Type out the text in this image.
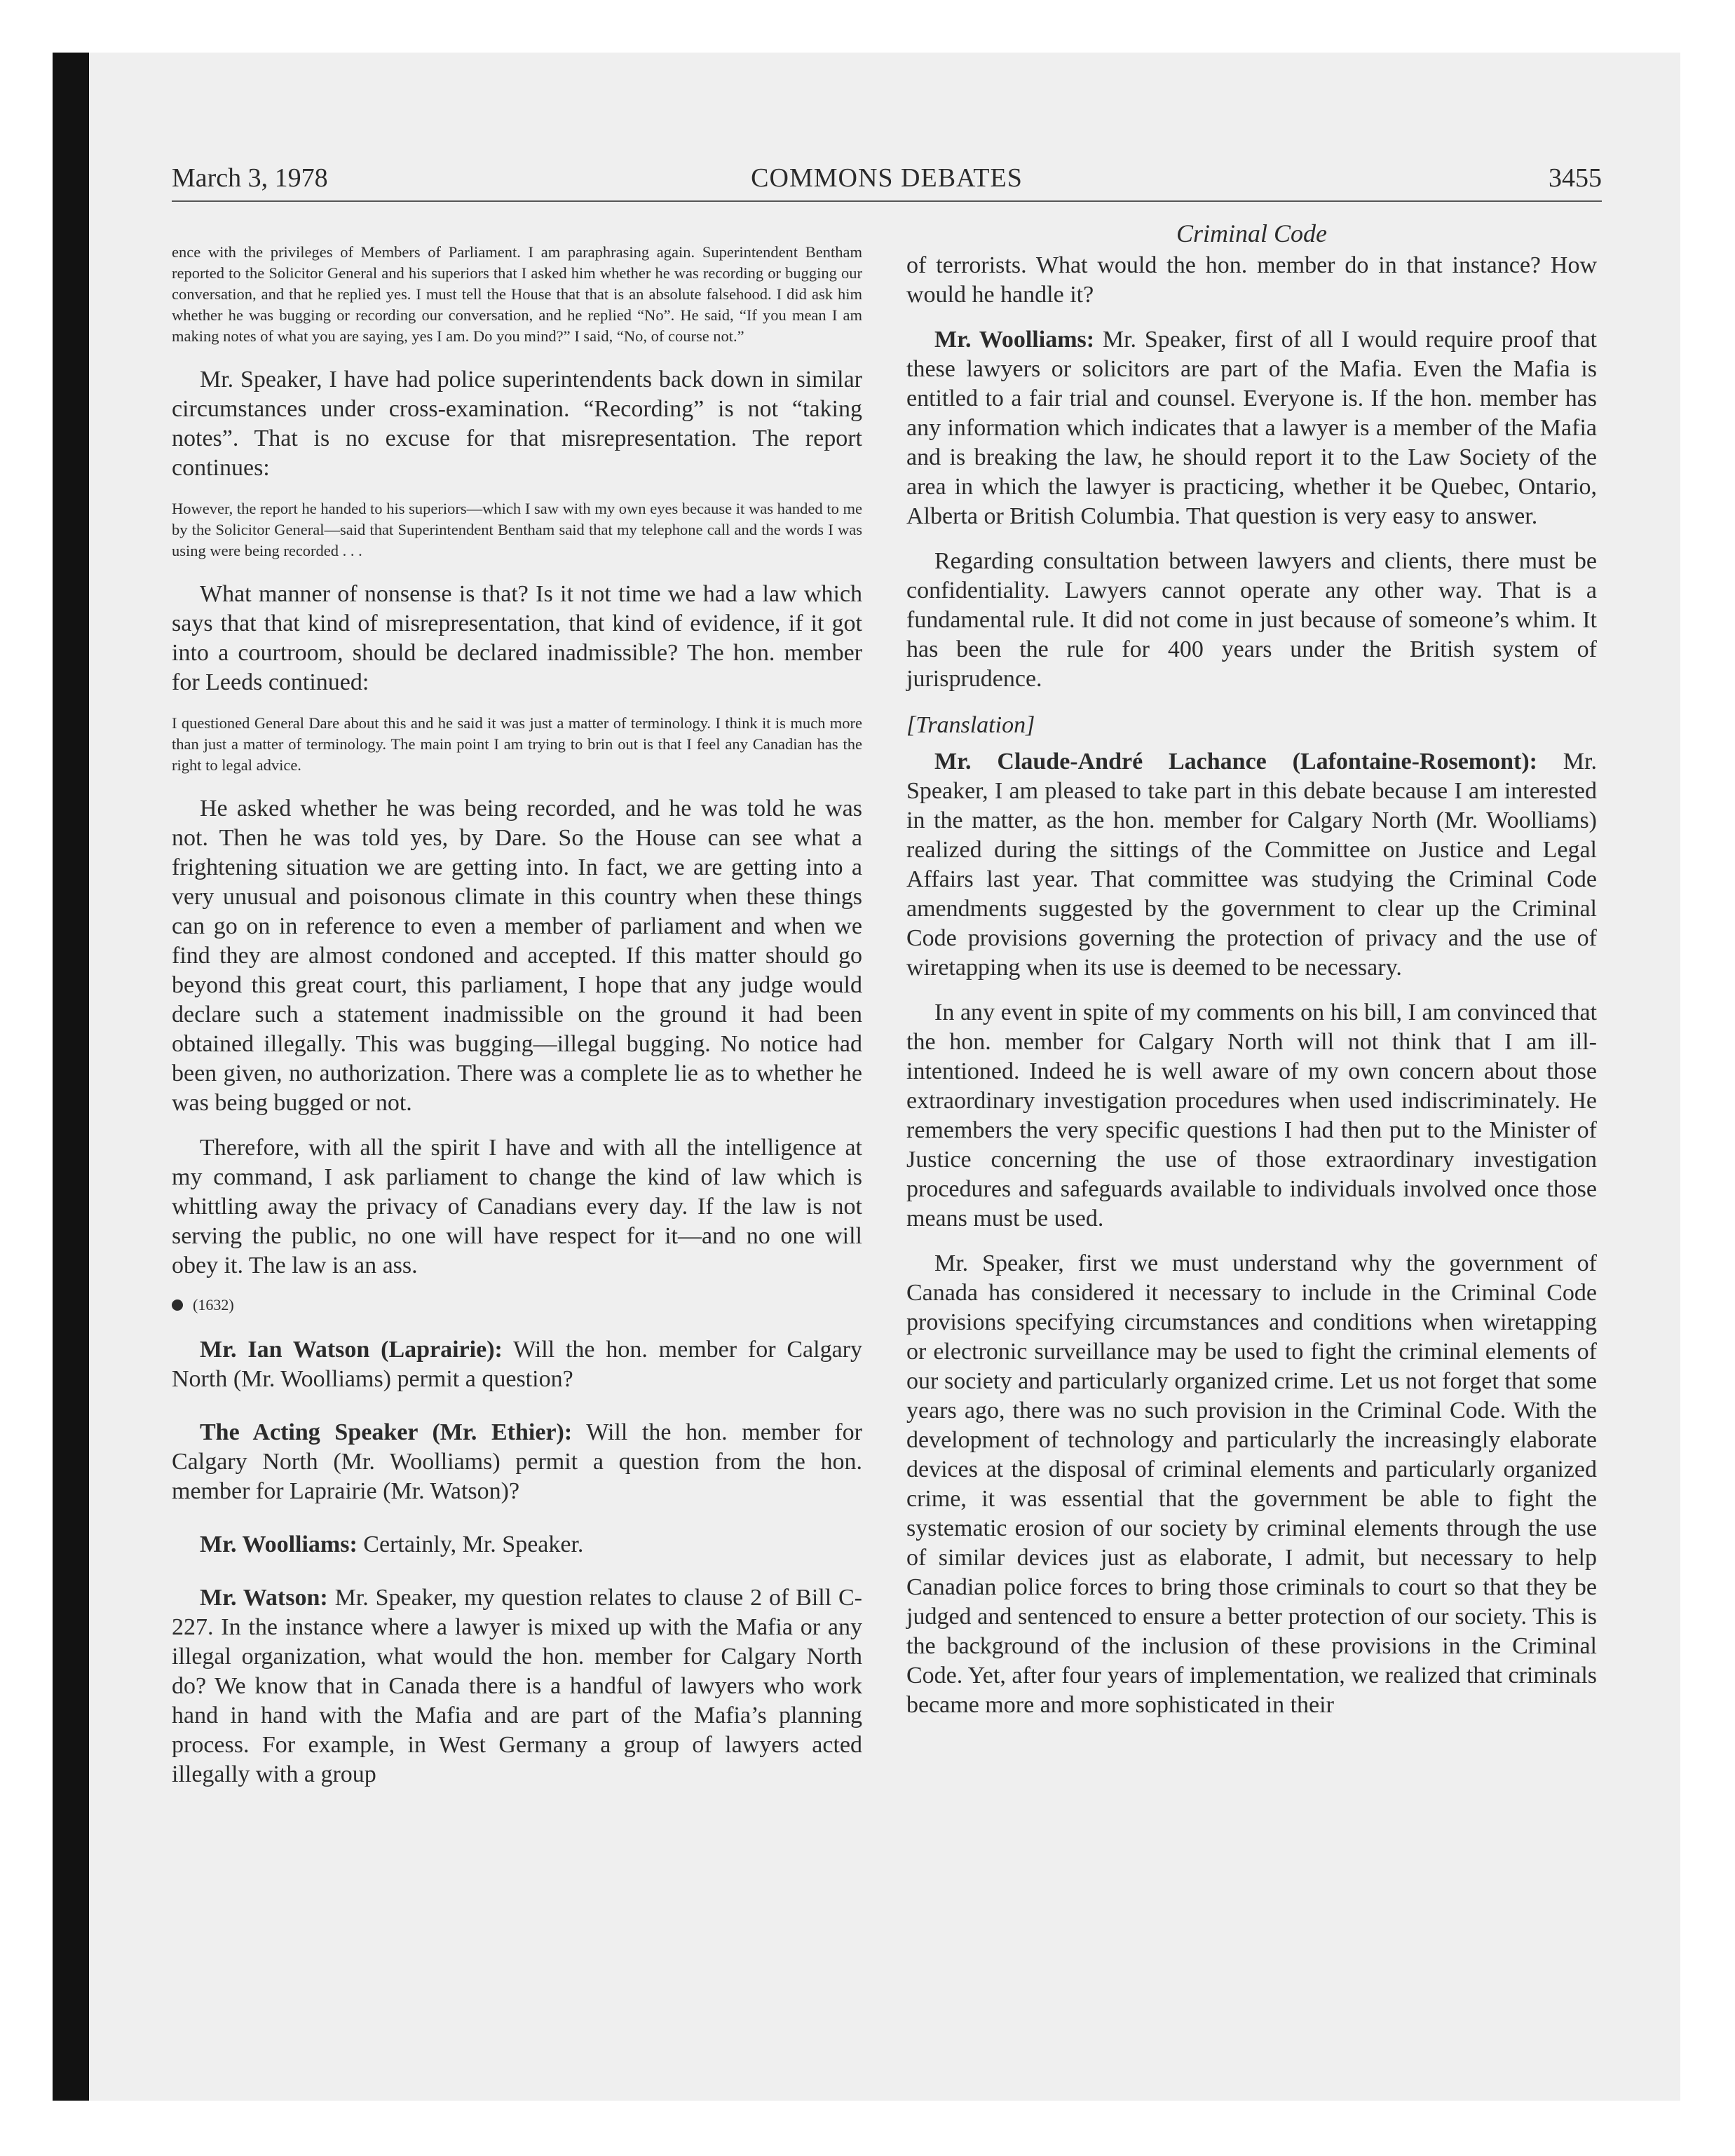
March 3, 1978	COMMONS DEBATES	3455

ence with the privileges of Members of Parliament. I am paraphrasing again. Superintendent Bentham reported to the Solicitor General and his superiors that I asked him whether he was recording or bugging our conversation, and that he replied yes. I must tell the House that that is an absolute falsehood. I did ask him whether he was bugging or recording our conversation, and he replied “No”. He said, “If you mean I am making notes of what you are saying, yes I am. Do you mind?” I said, “No, of course not.”

Mr. Speaker, I have had police superintendents back down in similar circumstances under cross-examination. “Recording” is not “taking notes”. That is no excuse for that misrepresentation. The report continues:

However, the report he handed to his superiors—which I saw with my own eyes because it was handed to me by the Solicitor General—said that Superintendent Bentham said that my telephone call and the words I was using were being recorded . . .

What manner of nonsense is that? Is it not time we had a law which says that that kind of misrepresentation, that kind of evidence, if it got into a courtroom, should be declared inadmissible? The hon. member for Leeds continued:

I questioned General Dare about this and he said it was just a matter of terminology. I think it is much more than just a matter of terminology. The main point I am trying to brin out is that I feel any Canadian has the right to legal advice.

He asked whether he was being recorded, and he was told he was not. Then he was told yes, by Dare. So the House can see what a frightening situation we are getting into. In fact, we are getting into a very unusual and poisonous climate in this country when these things can go on in reference to even a member of parliament and when we find they are almost condoned and accepted. If this matter should go beyond this great court, this parliament, I hope that any judge would declare such a statement inadmissible on the ground it had been obtained illegally. This was bugging—illegal bugging. No notice had been given, no authorization. There was a complete lie as to whether he was being bugged or not.

Therefore, with all the spirit I have and with all the intelligence at my command, I ask parliament to change the kind of law which is whittling away the privacy of Canadians every day. If the law is not serving the public, no one will have respect for it—and no one will obey it. The law is an ass.

(1632)

Mr. Ian Watson (Laprairie): Will the hon. member for Calgary North (Mr. Woolliams) permit a question?

The Acting Speaker (Mr. Ethier): Will the hon. member for Calgary North (Mr. Woolliams) permit a question from the hon. member for Laprairie (Mr. Watson)?

Mr. Woolliams: Certainly, Mr. Speaker.

Mr. Watson: Mr. Speaker, my question relates to clause 2 of Bill C-227. In the instance where a lawyer is mixed up with the Mafia or any illegal organization, what would the hon. member for Calgary North do? We know that in Canada there is a handful of lawyers who work hand in hand with the Mafia and are part of the Mafia’s planning process. For example, in West Germany a group of lawyers acted illegally with a group

Criminal Code

of terrorists. What would the hon. member do in that instance? How would he handle it?

Mr. Woolliams: Mr. Speaker, first of all I would require proof that these lawyers or solicitors are part of the Mafia. Even the Mafia is entitled to a fair trial and counsel. Everyone is. If the hon. member has any information which indicates that a lawyer is a member of the Mafia and is breaking the law, he should report it to the Law Society of the area in which the lawyer is practicing, whether it be Quebec, Ontario, Alberta or British Columbia. That question is very easy to answer.

Regarding consultation between lawyers and clients, there must be confidentiality. Lawyers cannot operate any other way. That is a fundamental rule. It did not come in just because of someone’s whim. It has been the rule for 400 years under the British system of jurisprudence.

[Translation]

Mr. Claude-André Lachance (Lafontaine-Rosemont): Mr. Speaker, I am pleased to take part in this debate because I am interested in the matter, as the hon. member for Calgary North (Mr. Woolliams) realized during the sittings of the Committee on Justice and Legal Affairs last year. That committee was studying the Criminal Code amendments suggested by the government to clear up the Criminal Code provisions governing the protection of privacy and the use of wiretapping when its use is deemed to be necessary.

In any event in spite of my comments on his bill, I am convinced that the hon. member for Calgary North will not think that I am ill-intentioned. Indeed he is well aware of my own concern about those extraordinary investigation procedures when used indiscriminately. He remembers the very specific questions I had then put to the Minister of Justice concerning the use of those extraordinary investigation procedures and safeguards available to individuals involved once those means must be used.

Mr. Speaker, first we must understand why the government of Canada has considered it necessary to include in the Criminal Code provisions specifying circumstances and conditions when wiretapping or electronic surveillance may be used to fight the criminal elements of our society and particularly organized crime. Let us not forget that some years ago, there was no such provision in the Criminal Code. With the development of technology and particularly the increasingly elaborate devices at the disposal of criminal elements and particularly organized crime, it was essential that the government be able to fight the systematic erosion of our society by criminal elements through the use of similar devices just as elaborate, I admit, but necessary to help Canadian police forces to bring those criminals to court so that they be judged and sentenced to ensure a better protection of our society. This is the background of the inclusion of these provisions in the Criminal Code. Yet, after four years of implementation, we realized that criminals became more and more sophisticated in their
